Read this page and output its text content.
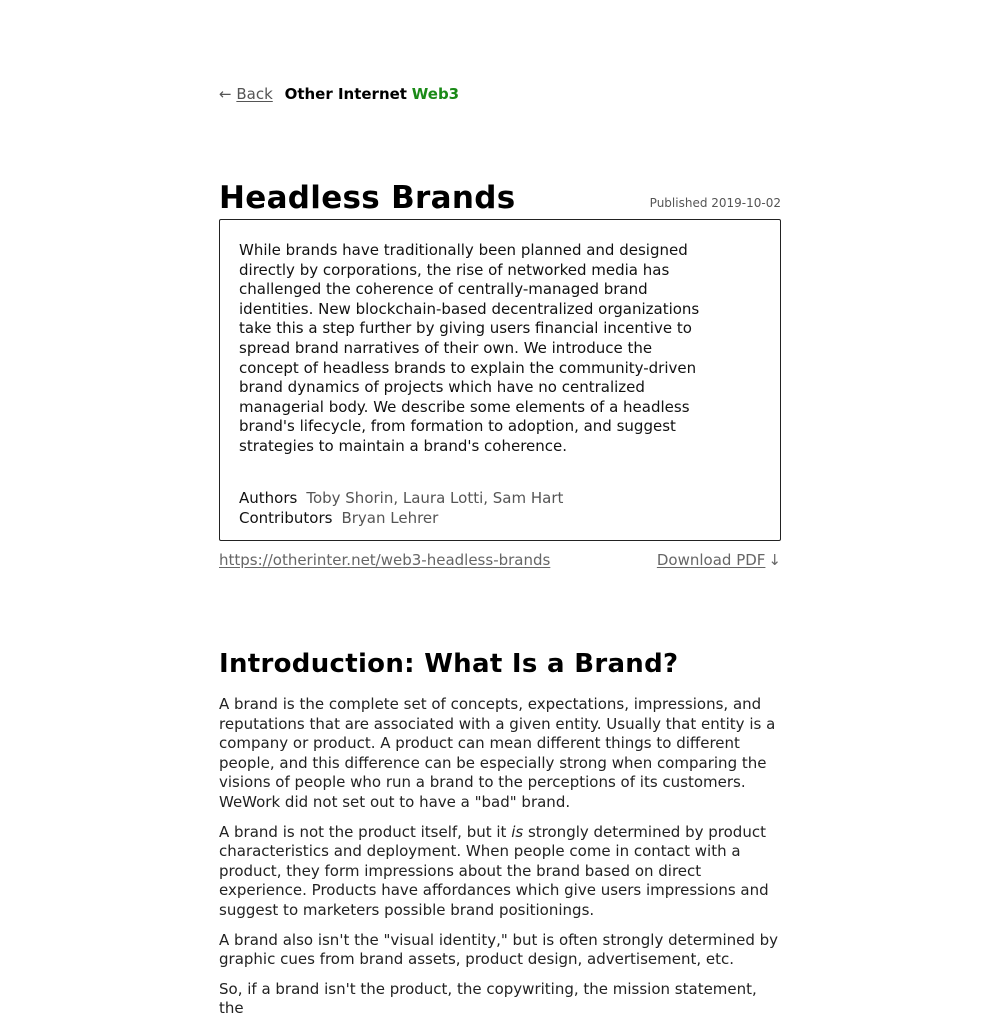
← Back Other Internet Web3
Headless Brands	Published 2019-10-02

While brands have traditionally been planned and designed directly by corporations, the rise of networked media has challenged the coherence of centrally-managed brand identities. New blockchain-based decentralized organizations take this a step further by giving users financial incentive to spread brand narratives of their own. We introduce the concept of headless brands to explain the community-driven brand dynamics of projects which have no centralized managerial body. We describe some elements of a headless brand's lifecycle, from formation to adoption, and suggest strategies to maintain a brand's coherence.

Authors Toby Shorin, Laura Lotti, Sam Hart
Contributors Bryan Lehrer
https://otherinter.net/web3-headless-brands	Download PDF ↓
Introduction: What Is a Brand?

A brand is the complete set of concepts, expectations, impressions, and reputations that are associated with a given entity. Usually that entity is a company or product. A product can mean different things to different people, and this difference can be especially strong when comparing the visions of people who run a brand to the perceptions of its customers. WeWork did not set out to have a "bad" brand.

A brand is not the product itself, but it is strongly determined by product characteristics and deployment. When people come in contact with a product, they form impressions about the brand based on direct experience. Products have affordances which give users impressions and suggest to marketers possible brand positionings.

A brand also isn't the "visual identity," but is often strongly determined by graphic cues from brand assets, product design, advertisement, etc.

So, if a brand isn't the product, the copywriting, the mission statement, the
